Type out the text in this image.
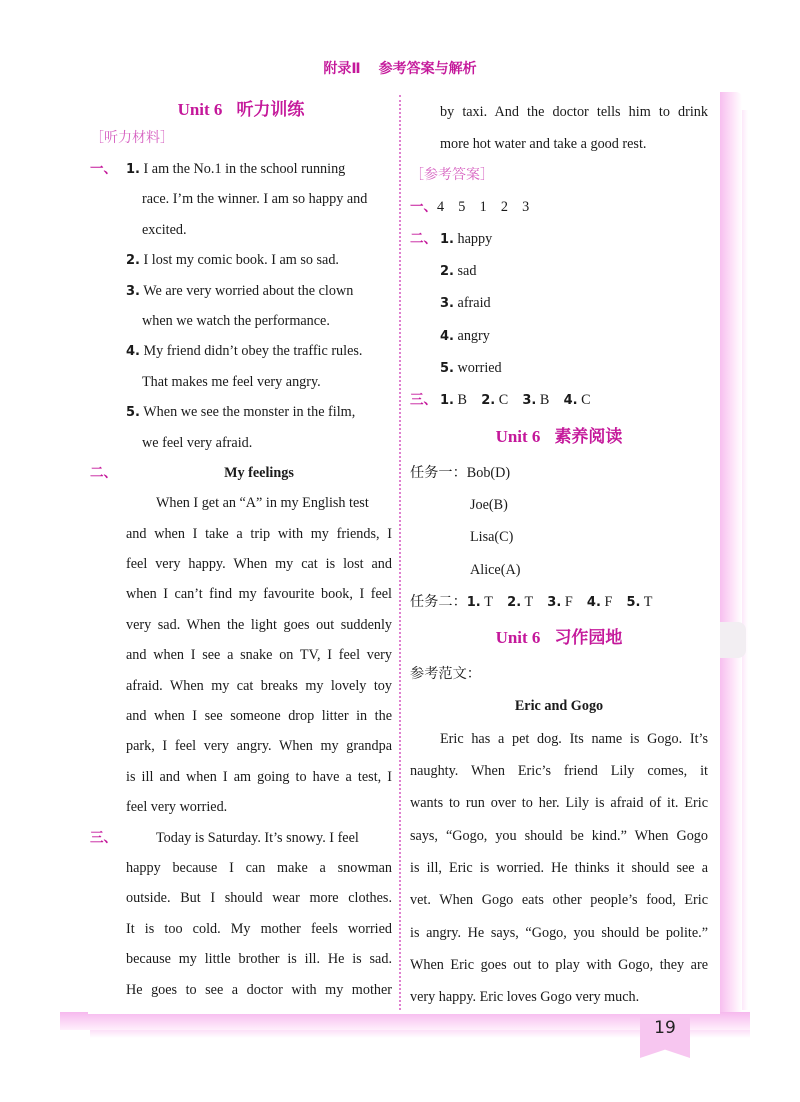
附录Ⅱ 参考答案与解析
Unit 6 听力训练
［听力材料］
一、 1. I am the No.1 in the school running
race. I’m the winner. I am so happy and
excited.
2. I lost my comic book. I am so sad.
3. We are very worried about the clown
when we watch the performance.
4. My friend didn’t obey the traffic rules.
That makes me feel very angry.
5. When we see the monster in the film,
we feel very afraid.
二、	My feelings
When I get an “A” in my English test
and when I take a trip with my friends, I
feel very happy. When my cat is lost and
when I can’t find my favourite book, I feel
very sad. When the light goes out suddenly
and when I see a snake on TV, I feel very
afraid. When my cat breaks my lovely toy
and when I see someone drop litter in the
park, I feel very angry. When my grandpa
is ill and when I am going to have a test, I
feel very worried.
三、	Today is Saturday. It’s snowy. I feel
happy because I can make a snowman
outside. But I should wear more clothes.
It is too cold. My mother feels worried
because my little brother is ill. He is sad.
He goes to see a doctor with my mother
by taxi. And the doctor tells him to drink
more hot water and take a good rest.
［参考答案］
一、4　5　1　2　3
二、 1. happy
2. sad
3. afraid
4. angry
5. worried
三、 1. B 2. C 3. B 4. C
Unit 6 素养阅读
任务一：Bob(D)
Joe(B)
Lisa(C)
Alice(A)
任务二：1. T 2. T 3. F 4. F 5. T
Unit 6 习作园地
参考范文：
Eric and Gogo
Eric has a pet dog. Its name is Gogo. It’s
naughty. When Eric’s friend Lily comes, it
wants to run over to her. Lily is afraid of it. Eric
says, “Gogo, you should be kind.” When Gogo
is ill, Eric is worried. He thinks it should see a
vet. When Gogo eats other people’s food, Eric
is angry. He says, “Gogo, you should be polite.”
When Eric goes out to play with Gogo, they are
very happy. Eric loves Gogo very much.
19
